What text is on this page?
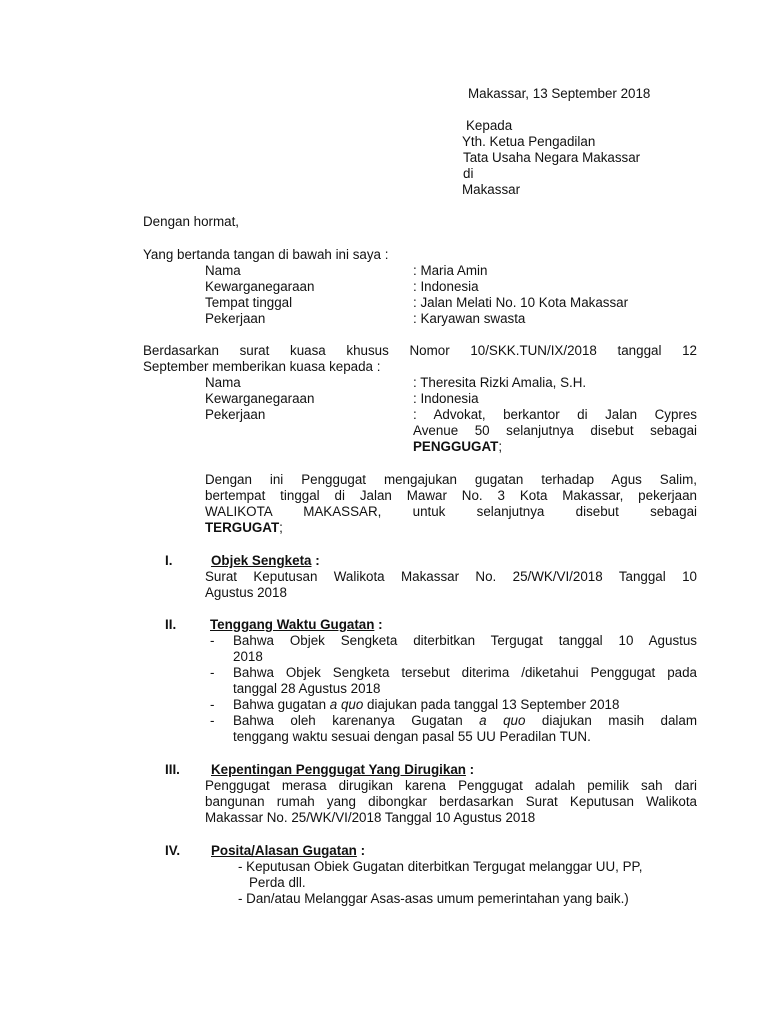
Makassar, 13 September 2018
Kepada
Yth. Ketua Pengadilan
Tata Usaha Negara Makassar
di
Makassar
Dengan hormat,
Yang bertanda tangan di bawah ini saya :
Nama	: Maria Amin
Kewarganegaraan	: Indonesia
Tempat tinggal	: Jalan Melati No. 10 Kota Makassar
Pekerjaan	: Karyawan swasta
Berdasarkan surat kuasa khusus Nomor 10/SKK.TUN/IX/2018 tanggal 12
September memberikan kuasa kepada :
Nama	: Theresita Rizki Amalia, S.H.
Kewarganegaraan	: Indonesia
Pekerjaan	: Advokat, berkantor di Jalan Cypres
Avenue 50 selanjutnya disebut sebagai
PENGGUGAT;
Dengan ini Penggugat mengajukan gugatan terhadap Agus Salim,
bertempat tinggal di Jalan Mawar No. 3 Kota Makassar, pekerjaan
WALIKOTA MAKASSAR, untuk selanjutnya disebut sebagai
TERGUGAT;
I.	Objek Sengketa :
Surat Keputusan Walikota Makassar No. 25/WK/VI/2018 Tanggal 10
Agustus 2018
II.	Tenggang Waktu Gugatan :
- Bahwa Objek Sengketa diterbitkan Tergugat tanggal 10 Agustus
2018
- Bahwa Objek Sengketa tersebut diterima /diketahui Penggugat pada
tanggal 28 Agustus 2018
- Bahwa gugatan a quo diajukan pada tanggal 13 September 2018
- Bahwa oleh karenanya Gugatan a quo diajukan masih dalam
tenggang waktu sesuai dengan pasal 55 UU Peradilan TUN.
III. Kepentingan Penggugat Yang Dirugikan :
Penggugat merasa dirugikan karena Penggugat adalah pemilik sah dari
bangunan rumah yang dibongkar berdasarkan Surat Keputusan Walikota
Makassar No. 25/WK/VI/2018 Tanggal 10 Agustus 2018
IV. Posita/Alasan Gugatan :
- Keputusan Obiek Gugatan diterbitkan Tergugat melanggar UU, PP,
Perda dll.
- Dan/atau Melanggar Asas-asas umum pemerintahan yang baik.)
